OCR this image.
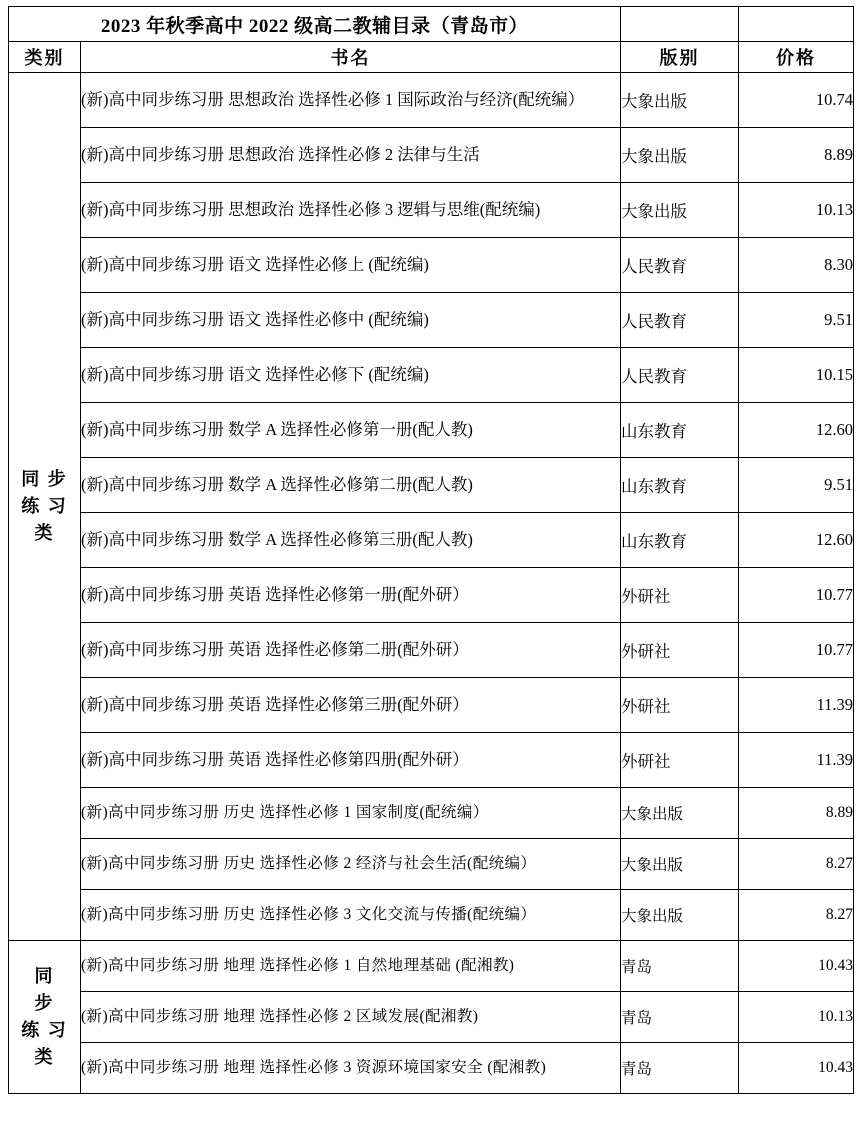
2023 年秋季高中 2022 级高二教辅目录（青岛市）			
类别	书名	版别	价格

同 步
练 习
类	(新)高中同步练习册 思想政治 选择性必修 1 国际政治与经济(配统编）	大象出版	10.74
	(新)高中同步练习册 思想政治 选择性必修 2 法律与生活	大象出版	8.89
	(新)高中同步练习册 思想政治 选择性必修 3 逻辑与思维(配统编)	大象出版	10.13
	(新)高中同步练习册 语文 选择性必修上 (配统编)	人民教育	8.30
	(新)高中同步练习册 语文 选择性必修中 (配统编)	人民教育	9.51
	(新)高中同步练习册 语文 选择性必修下 (配统编)	人民教育	10.15
	(新)高中同步练习册 数学 A 选择性必修第一册(配人教)	山东教育	12.60
	(新)高中同步练习册 数学 A 选择性必修第二册(配人教)	山东教育	9.51
	(新)高中同步练习册 数学 A 选择性必修第三册(配人教)	山东教育	12.60
	(新)高中同步练习册 英语 选择性必修第一册(配外研）	外研社	10.77
	(新)高中同步练习册 英语 选择性必修第二册(配外研）	外研社	10.77
	(新)高中同步练习册 英语 选择性必修第三册(配外研）	外研社	11.39
	(新)高中同步练习册 英语 选择性必修第四册(配外研）	外研社	11.39
	(新)高中同步练习册 历史 选择性必修 1 国家制度(配统编）	大象出版	8.89
	(新)高中同步练习册 历史 选择性必修 2 经济与社会生活(配统编）	大象出版	8.27
	(新)高中同步练习册 历史 选择性必修 3 文化交流与传播(配统编）	大象出版	8.27

同
步
练 习
类	(新)高中同步练习册 地理 选择性必修 1 自然地理基础 (配湘教)	青岛	10.43
	(新)高中同步练习册 地理 选择性必修 2 区域发展(配湘教)	青岛	10.13
	(新)高中同步练习册 地理 选择性必修 3 资源环境国家安全 (配湘教)	青岛	10.43
